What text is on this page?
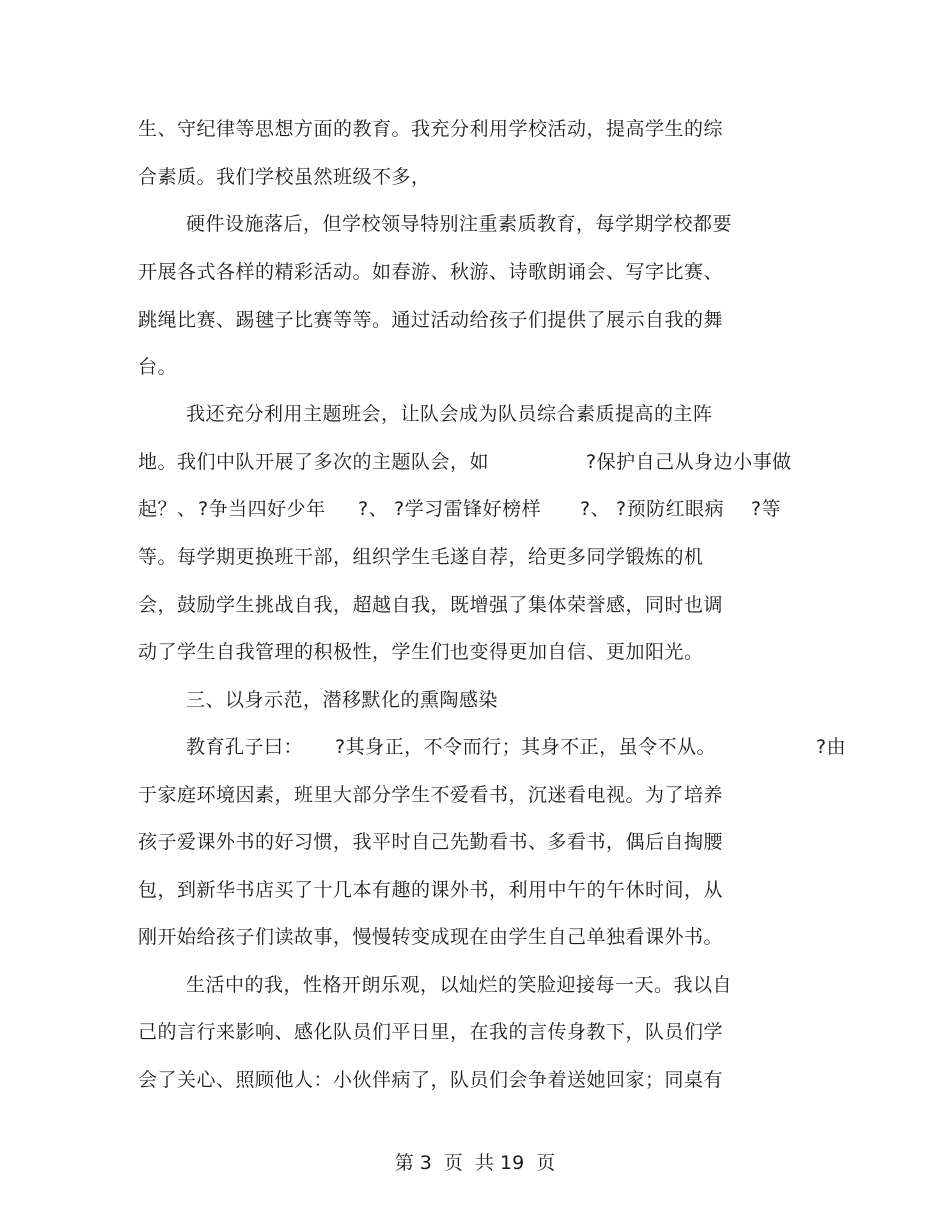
生、守纪律等思想方面的教育。我充分利用学校活动，提高学生的综
合素质。我们学校虽然班级不多，
硬件设施落后，但学校领导特别注重素质教育，每学期学校都要
开展各式各样的精彩活动。如春游、秋游、诗歌朗诵会、写字比赛、
跳绳比赛、踢毽子比赛等等。通过活动给孩子们提供了展示自我的舞
台。
我还充分利用主题班会，让队会成为队员综合素质提高的主阵
地。我们中队开展了多次的主题队会，如	?保护自己从身边小事做
起？、 ?争当四好少年 ?、 ?学习雷锋好榜样 ?、 ?预防红眼病 ?等
等。每学期更换班干部，组织学生毛遂自荐，给更多同学锻炼的机
会，鼓励学生挑战自我，超越自我，既增强了集体荣誉感，同时也调
动了学生自我管理的积极性，学生们也变得更加自信、更加阳光。
三、以身示范，潜移默化的熏陶感染
教育孔子曰： ?其身正，不令而行；其身不正，虽令不从。	?由
于家庭环境因素，班里大部分学生不爱看书，沉迷看电视。为了培养
孩子爱课外书的好习惯，我平时自己先勤看书、多看书，偶后自掏腰
包，到新华书店买了十几本有趣的课外书，利用中午的午休时间，从
刚开始给孩子们读故事，慢慢转变成现在由学生自己单独看课外书。
生活中的我，性格开朗乐观，以灿烂的笑脸迎接每一天。我以自
己的言行来影响、感化队员们平日里，在我的言传身教下，队员们学
会了关心、照顾他人：小伙伴病了，队员们会争着送她回家；同桌有
第 3  页  共 19  页
